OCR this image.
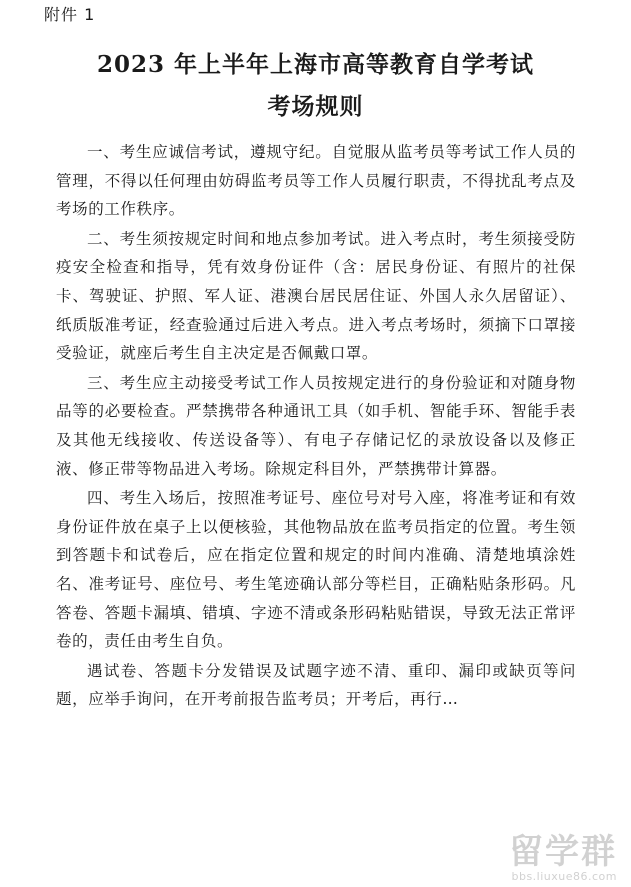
附件 1
2023 年上半年上海市高等教育自学考试
考场规则

一、考生应诚信考试，遵规守纪。自觉服从监考员等考试工作人员的管理，不得以任何理由妨碍监考员等工作人员履行职责，不得扰乱考点及考场的工作秩序。

二、考生须按规定时间和地点参加考试。进入考点时，考生须接受防疫安全检查和指导，凭有效身份证件（含：居民身份证、有照片的社保卡、驾驶证、护照、军人证、港澳台居民居住证、外国人永久居留证）、纸质版准考证，经查验通过后进入考点。进入考点考场时，须摘下口罩接受验证，就座后考生自主决定是否佩戴口罩。

三、考生应主动接受考试工作人员按规定进行的身份验证和对随身物品等的必要检查。严禁携带各种通讯工具（如手机、智能手环、智能手表及其他无线接收、传送设备等）、有电子存储记忆的录放设备以及修正液、修正带等物品进入考场。除规定科目外，严禁携带计算器。

四、考生入场后，按照准考证号、座位号对号入座，将准考证和有效身份证件放在桌子上以便核验，其他物品放在监考员指定的位置。考生领到答题卡和试卷后，应在指定位置和规定的时间内准确、清楚地填涂姓名、准考证号、座位号、考生笔迹确认部分等栏目，正确粘贴条形码。凡答卷、答题卡漏填、错填、字迹不清或条形码粘贴错误，导致无法正常评卷的，责任由考生自负。

遇试卷、答题卡分发错误及试题字迹不清、重印、漏印或缺页等问题，应举手询问，在开考前报告监考员；开考后，再行…

留学群
bbs.liuxue86.com
